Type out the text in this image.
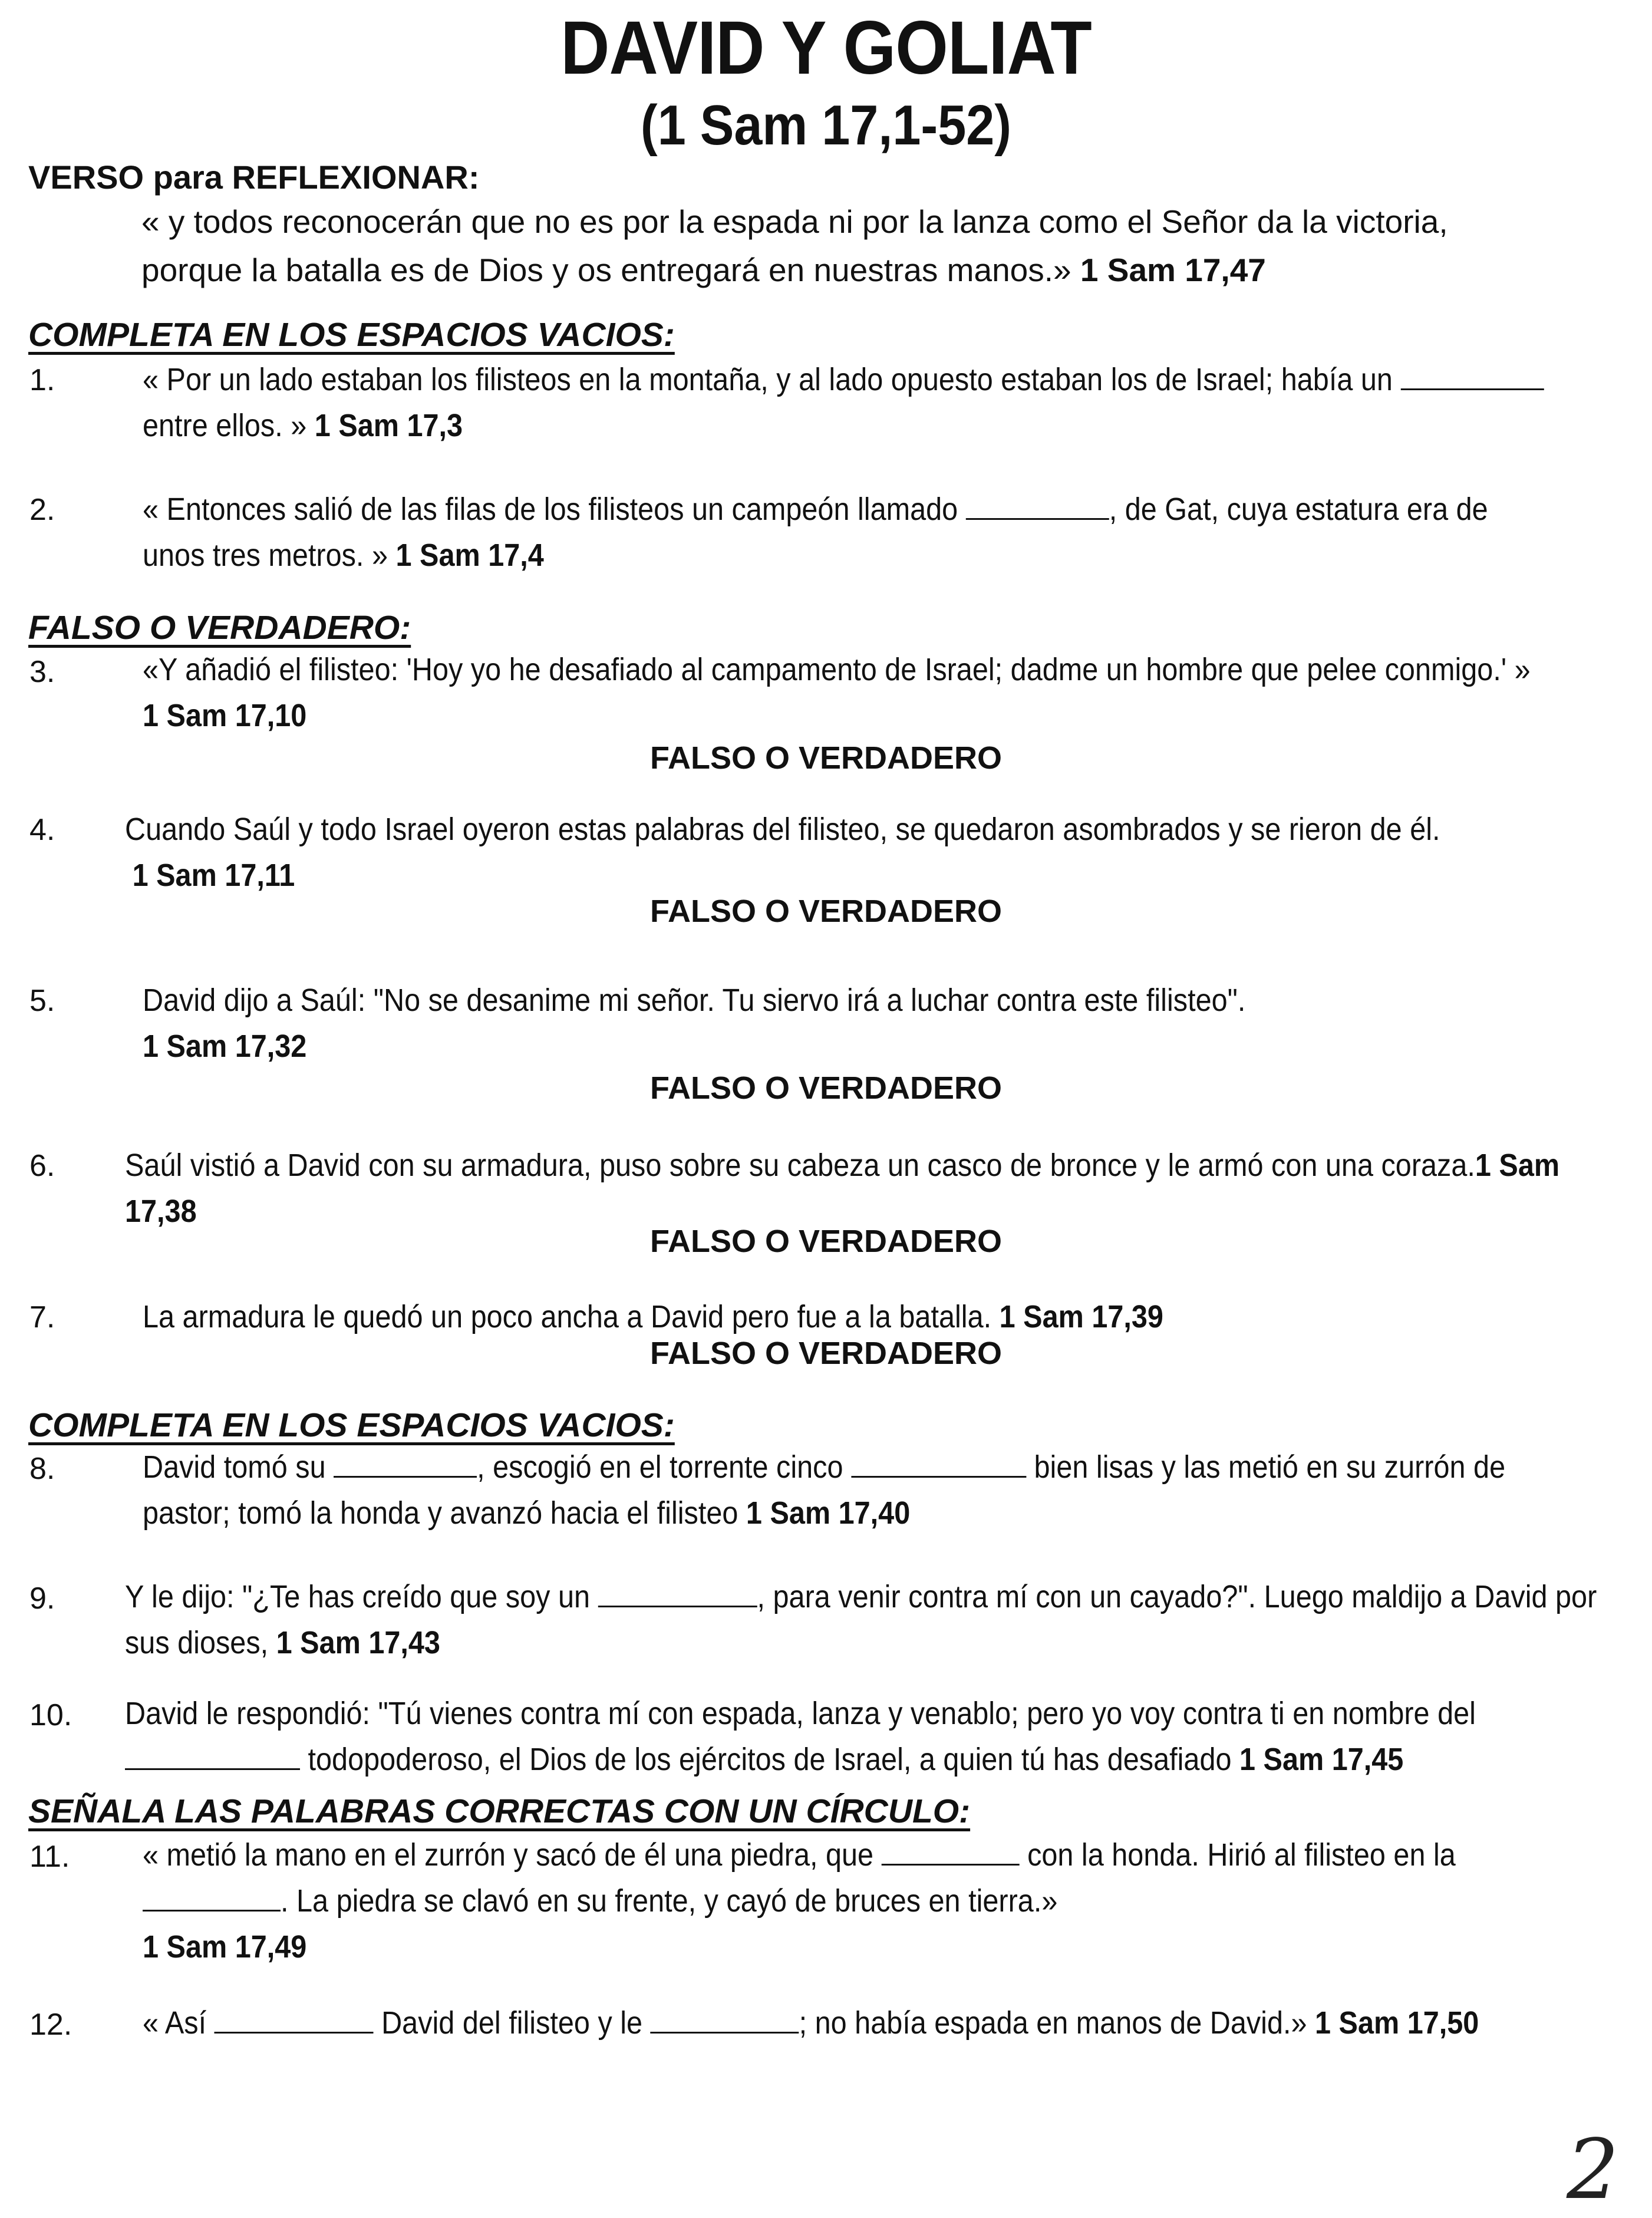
DAVID Y GOLIAT
(1 Sam 17,1-52)
VERSO para REFLEXIONAR:
« y todos reconocerán que no es por la espada ni por la lanza como el Señor da la victoria, porque la batalla es de Dios y os entregará en nuestras manos.» 1 Sam 17,47
COMPLETA EN LOS ESPACIOS VACIOS:
1.	« Por un lado estaban los filisteos en la montaña, y al lado opuesto estaban los de Israel; había un  entre ellos. » 1 Sam 17,3
2.	« Entonces salió de las filas de los filisteos un campeón llamado	, de Gat, cuya estatura era de unos tres metros. » 1 Sam 17,4
FALSO O VERDADERO:
3.	«Y añadió el filisteo: 'Hoy yo he desafiado al campamento de Israel; dadme un hombre que pelee conmigo.' » 1 Sam 17,10
FALSO O VERDADERO
4. Cuando Saúl y todo Israel oyeron estas palabras del filisteo, se quedaron asombrados y se rieron de él.
1 Sam 17,11
FALSO O VERDADERO
5.	David dijo a Saúl: "No se desanime mi señor. Tu siervo irá a luchar contra este filisteo".
1 Sam 17,32
FALSO O VERDADERO
6. Saúl vistió a David con su armadura, puso sobre su cabeza un casco de bronce y le armó con una coraza.1 Sam 17,38
FALSO O VERDADERO
7.	La armadura le quedó un poco ancha a David pero fue a la batalla. 1 Sam 17,39
FALSO O VERDADERO
COMPLETA EN LOS ESPACIOS VACIOS:
8.	David tomó su	, escogió en el torrente cinco	bien lisas y las metió en su zurrón de pastor; tomó la honda y avanzó hacia el filisteo 1 Sam 17,40
9. Y le dijo: "¿Te has creído que soy un	, para venir contra mí con un cayado?". Luego maldijo a David por sus dioses, 1 Sam 17,43
10. David le respondió: "Tú vienes contra mí con espada, lanza y venablo; pero yo voy contra ti en nombre del  todopoderoso, el Dios de los ejércitos de Israel, a quien tú has desafiado 1 Sam 17,45
SEÑALA LAS PALABRAS CORRECTAS CON UN CÍRCULO:
11. « metió la mano en el zurrón y sacó de él una piedra, que	con la honda. Hirió al filisteo en la . La piedra se clavó en su frente, y cayó de bruces en tierra.»
1 Sam 17,49
12. « Así	David del filisteo y le	; no había espada en manos de David.» 1 Sam 17,50
2
